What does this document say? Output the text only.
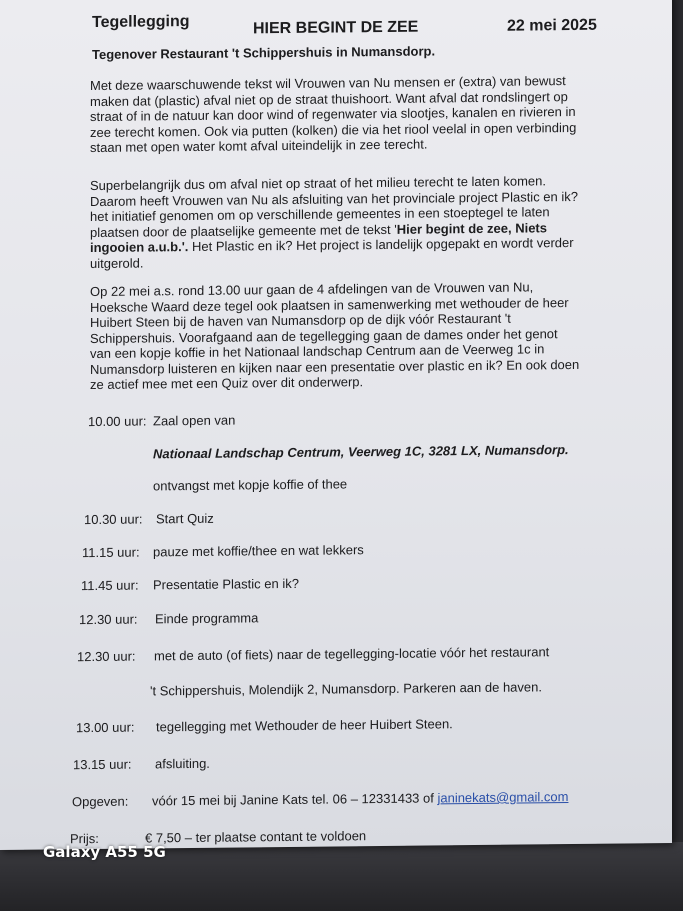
Tegellegging	HIER BEGINT DE ZEE	22 mei 2025
Tegenover Restaurant 't Schippershuis in Numansdorp.
Met deze waarschuwende tekst wil Vrouwen van Nu mensen er (extra) van bewust
maken dat (plastic) afval niet op de straat thuishoort. Want afval dat rondslingert op
straat of in de natuur kan door wind of regenwater via slootjes, kanalen en rivieren in
zee terecht komen. Ook via putten (kolken) die via het riool veelal in open verbinding
staan met open water komt afval uiteindelijk in zee terecht.
Superbelangrijk dus om afval niet op straat of het milieu terecht te laten komen.
Daarom heeft Vrouwen van Nu als afsluiting van het provinciale project Plastic en ik?
het initiatief genomen om op verschillende gemeentes in een stoeptegel te laten
plaatsen door de plaatselijke gemeente met de tekst 'Hier begint de zee, Niets
ingooien a.u.b.'. Het Plastic en ik? Het project is landelijk opgepakt en wordt verder
uitgerold.
Op 22 mei a.s. rond 13.00 uur gaan de 4 afdelingen van de Vrouwen van Nu,
Hoeksche Waard deze tegel ook plaatsen in samenwerking met wethouder de heer
Huibert Steen bij de haven van Numansdorp op de dijk vóór Restaurant 't
Schippershuis. Voorafgaand aan de tegellegging gaan de dames onder het genot
van een kopje koffie in het Nationaal landschap Centrum aan de Veerweg 1c in
Numansdorp luisteren en kijken naar een presentatie over plastic en ik? En ook doen
ze actief mee met een Quiz over dit onderwerp.
10.00 uur: Zaal open van
Nationaal Landschap Centrum, Veerweg 1C, 3281 LX, Numansdorp.
ontvangst met kopje koffie of thee
10.30 uur: Start Quiz
11.15 uur: pauze met koffie/thee en wat lekkers
11.45 uur: Presentatie Plastic en ik?
12.30 uur: Einde programma
12.30 uur: met de auto (of fiets) naar de tegellegging-locatie vóór het restaurant
't Schippershuis, Molendijk 2, Numansdorp. Parkeren aan de haven.
13.00 uur: tegellegging met Wethouder de heer Huibert Steen.
13.15 uur: afsluiting.
Opgeven: vóór 15 mei bij Janine Kats tel. 06 – 12331433 of janinekats@gmail.com
Prijs:	€ 7,50 – ter plaatse contant te voldoen
Galaxy A55 5G
